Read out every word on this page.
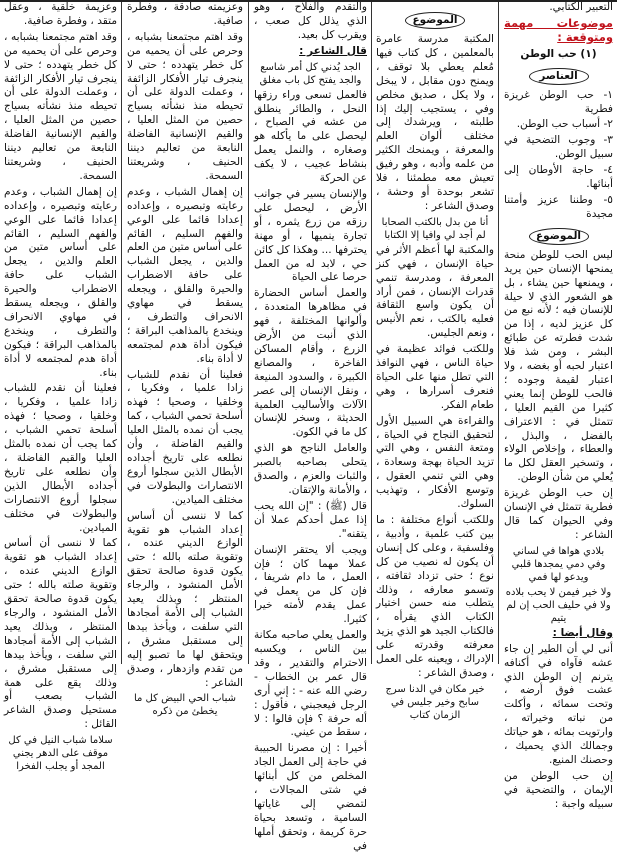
التعبير الكتابي.

موضوعات مهمة ومتوقعة :

(١) حب الوطن

العناصر

١- حب الوطن غريزة فطرية

٢- أسباب حب الوطن.

٣- وجوب التضحية في سبيل الوطن.

٤- حاجة الأوطان إلى أبنائها.

٥- وطننا عزيز وأمتنا مجيدة

الموضوع

ليس الحب للوطن منحة يمنحها الإنسان حين يريد ، ويمنعها حين يشاء ، بل هو الشعور الذي لا حيلة للإنسان فيه ؛ لأنه نبع من كل عزيز لديه ، إذا من شدت فطرته عن طبائع البشر ، ومن شذ فلا اعتبار لحبه أو بغضه ، ولا اعتبار لقيمة وجوده ؛ فالحب للوطن إنما يعني كثيرا من القيم العليا ، تتمثل في : الاعتراف بالفضل ، والبذل ، والعطاء ، وإخلاص الولاء ، وتسخير العقل لكل ما يُعلي من شأن الوطن.

إن حب الوطن غريزة فطرية تتمثل في الإنسان وفي الحيوان كما قال الشاعر :

بلادي هواها في لساني وفي دمي يمجدها قلبي ويدعو لها فمي

ولا خير فيمن لا يحب بلاده ولا في حليف الحب إن لم يتيم

وقال أيضا :

أنى لي أن الطير إن جاء عشه فآواه في أكنافه يترنم إن الوطن الذي عشت فوق أرضه ، وتحت سمائه ، وأكلت من نباته وخيراته ، وارتويت بمائه ، هو حياتك وجمالك الذي يحميك ، وحصنك المنيع.

إن حب الوطن من الإيمان ، والتضحية في سبيله واجبة :

الموضوع

المكتبة مدرسة عامرة بالمعلمين ، كل كتاب فيها مُعلم يعطي بلا توقف ، ويمنح دون مقابل ، لا يبخل ، ولا يكل ، صديق مخلص وفي ، يستجيب إليك إذا طلبته ، ويرشدك إلى مختلف ألوان العلم والمعرفة ، ويمنحك الكثير من علمه وأدبه ، وهو رفيق تعيش معه مطمئنا ، فلا تشعر بوحدة أو وحشة ، وصدق الشاعر :

أنا من بدل بالكتب الصحابا لم أجد لي وافيا إلا الكتابا

والمكتبة لها أعظم الأثر في حياة الإنسان ، فهي كنز المعرفة ، ومدرسة تنمي قدرات الإنسان ، فمن أراد أن يكون واسع الثقافة فعليه بالكتب ، نعم الأنيس ، ونعم الجليس.

وللكتب فوائد عظيمة في حياة الناس ، فهي النوافذ التي تطل منها على الحياة فنعرف أسرارها ، وهي طعام الفكر.

والقراءة هي السبيل الأول لتحقيق النجاح في الحياة ، ومتعة النفس ، وهي التي تزيد الحياة بهجة وسعادة ، وهي التي تنمي العقول ، وتوسع الأفكار ، وتهذيب السلوك.

وللكتب أنواع مختلفة : ما بين كتب علمية ، وأدبية ، وفلسفية ، وعلى كل إنسان أن يكون له نصيب من كل نوع ؛ حتى تزداد ثقافته ، وتسمو معارفه ، وذلك يتطلب منه حسن اختيار الكتاب الذي يقرأه ، فالكتاب الجيد هو الذي يزيد معرفته وقدرته على الإدراك ، ويعينه على العمل ، وصدق الشاعر :

خير مكان في الدنا سرج سابح وخير جليس في الزمان كتاب

والتقدم والفلاح ، وهو الذي يذلل كل صعب ، ويقرب كل بعيد.

قال الشاعر :

الجد يُدني كل أمر شاسع والجد يفتح كل باب مغلق

فالعمل تسعى وراء رزقها النحل ، والطائر ينطلق من عشه في الصباح ، ليحصل على ما يأكله هو وصغاره ، والنمل يعمل بنشاط عجيب ، لا يكف عن الحركة

والإنسان يسير في جوانب الأرض ، ليحصل على رزقه من زرع يثمره ، أو تجارة ينميها ، أو مهنة يحترفها ... وهكذا كل كائن حي ، لابد له من العمل حرصا على الحياة

والعمل أساس الحضارة في مظاهرها المتعددة ، وألوانها المختلفة ، فهو الذي أنبت من الأرض الزرع ، وأقام المساكن الفاخرة ، والمصانع الكبيرة ، والسدود المنيعة ، ونقل الإنسان إلى عصر الآلات والأساليب العلمية الحديثة ، وسخر للإنسان كل ما في الكون.

والعامل الناجح هو الذي يتحلى بصاحبه بالصبر والثبات والعزم ، والصدق ، والأمانة والإتقان.

قال (ﷺ) : "إن الله يحب إذا عمل أحدكم عملا أن يتقنه".

ويجب ألا يحتقر الإنسان عملا مهما كان ؛ فإن العمل ، ما دام شريفا ، فإن كل من يعمل في عمل يقدم لأمته خيرا كثيرا.

والعمل يعلي صاحبه مكانة بين الناس ، ويكسبه الاحترام والتقدير ، وقد قال عمر بن الخطاب - رضي الله عنه - : إني أرى الرجل فيعجبني ، فأقول : أله حرفة ؟ فإن قالوا : لا ، سقط من عيني.

أخيرا : إن مصرنا الحبيبة في حاجة إلى العمل الجاد المخلص من كل أبنائها في شتى المجالات ، لتمضي إلى غاياتها السامية ، وتسعد بحياة حرة كريمة ، وتحقق أملها في

وعزيمته صادقة ، وفطرة صافية.

وقد اهتم مجتمعنا بشبابه ، وحرص على أن يحميه من كل خطر يتهدده ؛ حتى لا ينجرف تيار الأفكار الزائفة ، وعملت الدولة على أن تحيطه منذ نشأته بسياج حصين من المثل العليا ، والقيم الإنسانية الفاضلة النابعة من تعاليم ديننا الحنيف ، وشريعتنا السمحة.

إن إهمال الشباب ، وعدم رعايته وتبصيره ، وإعداده إعدادا قائما على الوعي والفهم السليم ، القائم على أساس متين من العلم والدين ، يجعل الشباب على حافة الاضطراب والحيرة والقلق ، ويجعله يسقط في مهاوي الانحراف والتطرف ، وينخدع بالمذاهب البراقة ؛ فيكون أداة هدم لمجتمعه لا أداة بناء.

فعلينا أن نقدم للشباب زادا علميا ، وفكريا ، وخلقيا ، وصحيا ؛ فهذه أسلحة تحمي الشباب ، كما يجب أن نمده بالمثل العليا والقيم الفاضلة ، وأن نطلعه على تاريخ أجداده الأبطال الذين سجلوا أروع الانتصارات والبطولات في مختلف الميادين.

كما لا ننسى أن أساس إعداد الشباب هو تقوية الوازع الديني عنده ، وتقوية صلته بالله ؛ حتى يكون قدوة صالحة تحقق الأمل المنشود ، والرجاء المنتظر ؛ وبذلك يعيد الشباب إلى الأمة أمجادها التي سلفت ، ويأخذ بيدها إلى مستقبل مشرق ، ويتحقق لها ما تصبو إليه من تقدم وازدهار ، وصدق الشاعر :

شباب الحي البيض كل ما يخطئ من ذكره

وعزيمة خلقية ، وعقل متقد ، وفطرة صافية.

وقد اهتم مجتمعنا بشبابه ، وحرص على أن يحميه من كل خطر يتهدده ؛ حتى لا ينجرف تيار الأفكار الزائفة ، وعملت الدولة على أن تحيطه منذ نشأته بسياج حصين من المثل العليا ، والقيم الإنسانية الفاضلة النابعة من تعاليم ديننا الحنيف ، وشريعتنا السمحة.

إن إهمال الشباب ، وعدم رعايته وتبصيره ، وإعداده إعدادا قائما على الوعي والفهم السليم ، القائم على أساس متين من العلم والدين ، يجعل الشباب على حافة الاضطراب والحيرة والقلق ، ويجعله يسقط في مهاوي الانحراف والتطرف ، وينخدع بالمذاهب البراقة ؛ فيكون أداة هدم لمجتمعه لا أداة بناء.

فعلينا أن نقدم للشباب زادا علميا ، وفكريا ، وخلقيا ، وصحيا ؛ فهذه أسلحة تحمي الشباب ، كما يجب أن نمده بالمثل العليا والقيم الفاضلة ، وأن نطلعه على تاريخ أجداده الأبطال الذين سجلوا أروع الانتصارات والبطولات في مختلف الميادين.

كما لا ننسى أن أساس إعداد الشباب هو تقوية الوازع الديني عنده ، وتقوية صلته بالله ؛ حتى يكون قدوة صالحة تحقق الأمل المنشود ، والرجاء المنتظر ، وبذلك يعيد الشباب إلى الأمة أمجادها التي سلفت ، ويأخذ بيدها إلى مستقبل مشرق ، وذلك يقع على همة الشباب بصعب أو مستحيل وصدق الشاعر القائل :

سلاما شباب النيل في كل موقف على الدهر يجني المجد أو يجلب الفخرا
